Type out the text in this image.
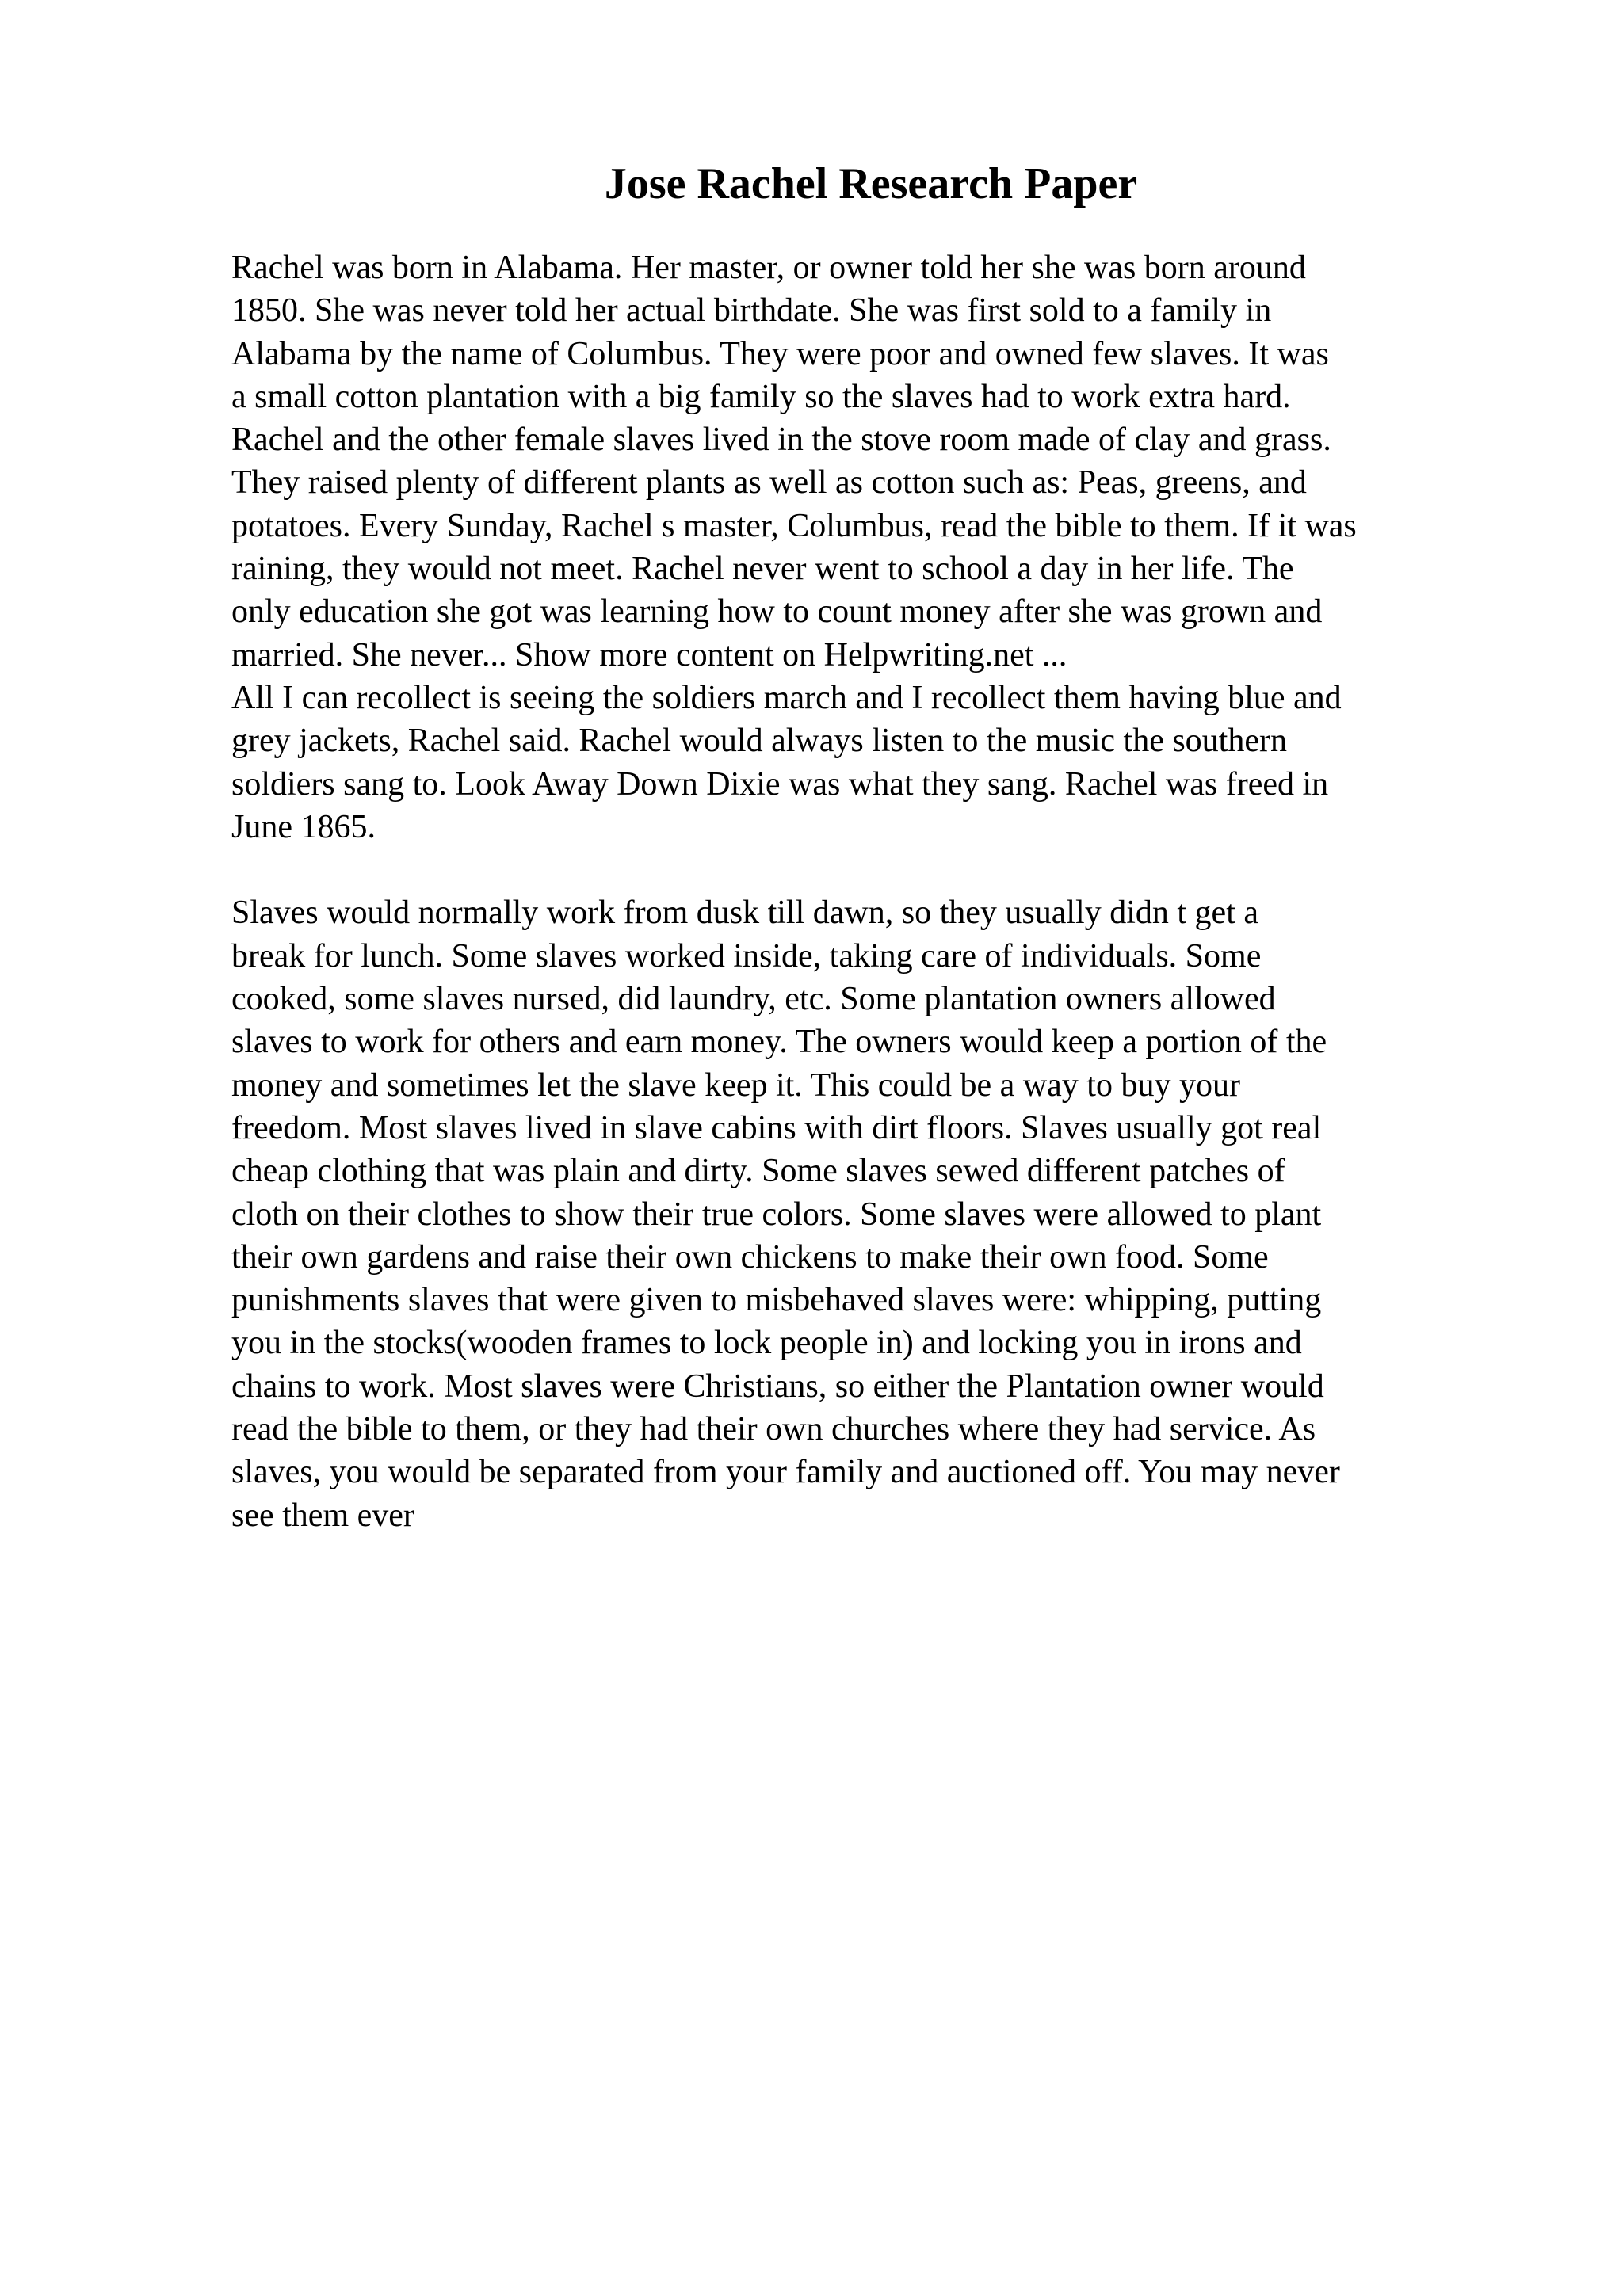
Jose Rachel Research Paper
Rachel was born in Alabama. Her master, or owner told her she was born around
1850. She was never told her actual birthdate. She was first sold to a family in
Alabama by the name of Columbus. They were poor and owned few slaves. It was
a small cotton plantation with a big family so the slaves had to work extra hard.
Rachel and the other female slaves lived in the stove room made of clay and grass.
They raised plenty of different plants as well as cotton such as: Peas, greens, and
potatoes. Every Sunday, Rachel s master, Columbus, read the bible to them. If it was
raining, they would not meet. Rachel never went to school a day in her life. The
only education she got was learning how to count money after she was grown and
married. She never... Show more content on Helpwriting.net ...
All I can recollect is seeing the soldiers march and I recollect them having blue and
grey jackets, Rachel said. Rachel would always listen to the music the southern
soldiers sang to. Look Away Down Dixie was what they sang. Rachel was freed in
June 1865.
Slaves would normally work from dusk till dawn, so they usually didn t get a
break for lunch. Some slaves worked inside, taking care of individuals. Some
cooked, some slaves nursed, did laundry, etc. Some plantation owners allowed
slaves to work for others and earn money. The owners would keep a portion of the
money and sometimes let the slave keep it. This could be a way to buy your
freedom. Most slaves lived in slave cabins with dirt floors. Slaves usually got real
cheap clothing that was plain and dirty. Some slaves sewed different patches of
cloth on their clothes to show their true colors. Some slaves were allowed to plant
their own gardens and raise their own chickens to make their own food. Some
punishments slaves that were given to misbehaved slaves were: whipping, putting
you in the stocks(wooden frames to lock people in) and locking you in irons and
chains to work. Most slaves were Christians, so either the Plantation owner would
read the bible to them, or they had their own churches where they had service. As
slaves, you would be separated from your family and auctioned off. You may never
see them ever
